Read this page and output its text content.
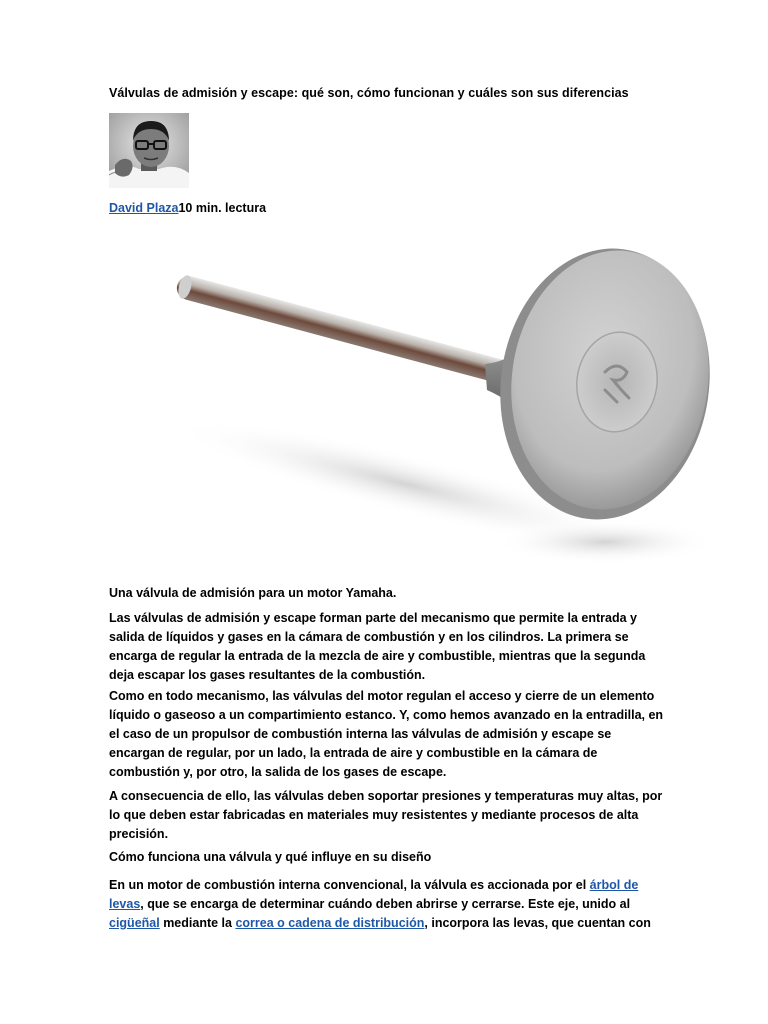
Válvulas de admisión y escape: qué son, cómo funcionan y cuáles son sus diferencias
David Plaza10 min. lectura
Una válvula de admisión para un motor Yamaha.
Las válvulas de admisión y escape forman parte del mecanismo que permite la entrada y salida de líquidos y gases en la cámara de combustión y en los cilindros. La primera se encarga de regular la entrada de la mezcla de aire y combustible, mientras que la segunda deja escapar los gases resultantes de la combustión.
Como en todo mecanismo, las válvulas del motor regulan el acceso y cierre de un elemento líquido o gaseoso a un compartimiento estanco. Y, como hemos avanzado en la entradilla, en el caso de un propulsor de combustión interna las válvulas de admisión y escape se encargan de regular, por un lado, la entrada de aire y combustible en la cámara de combustión y, por otro, la salida de los gases de escape.
A consecuencia de ello, las válvulas deben soportar presiones y temperaturas muy altas, por lo que deben estar fabricadas en materiales muy resistentes y mediante procesos de alta precisión.
Cómo funciona una válvula y qué influye en su diseño
En un motor de combustión interna convencional, la válvula es accionada por el árbol de levas, que se encarga de determinar cuándo deben abrirse y cerrarse. Este eje, unido al cigüeñal mediante la correa o cadena de distribución, incorpora las levas, que cuentan con
